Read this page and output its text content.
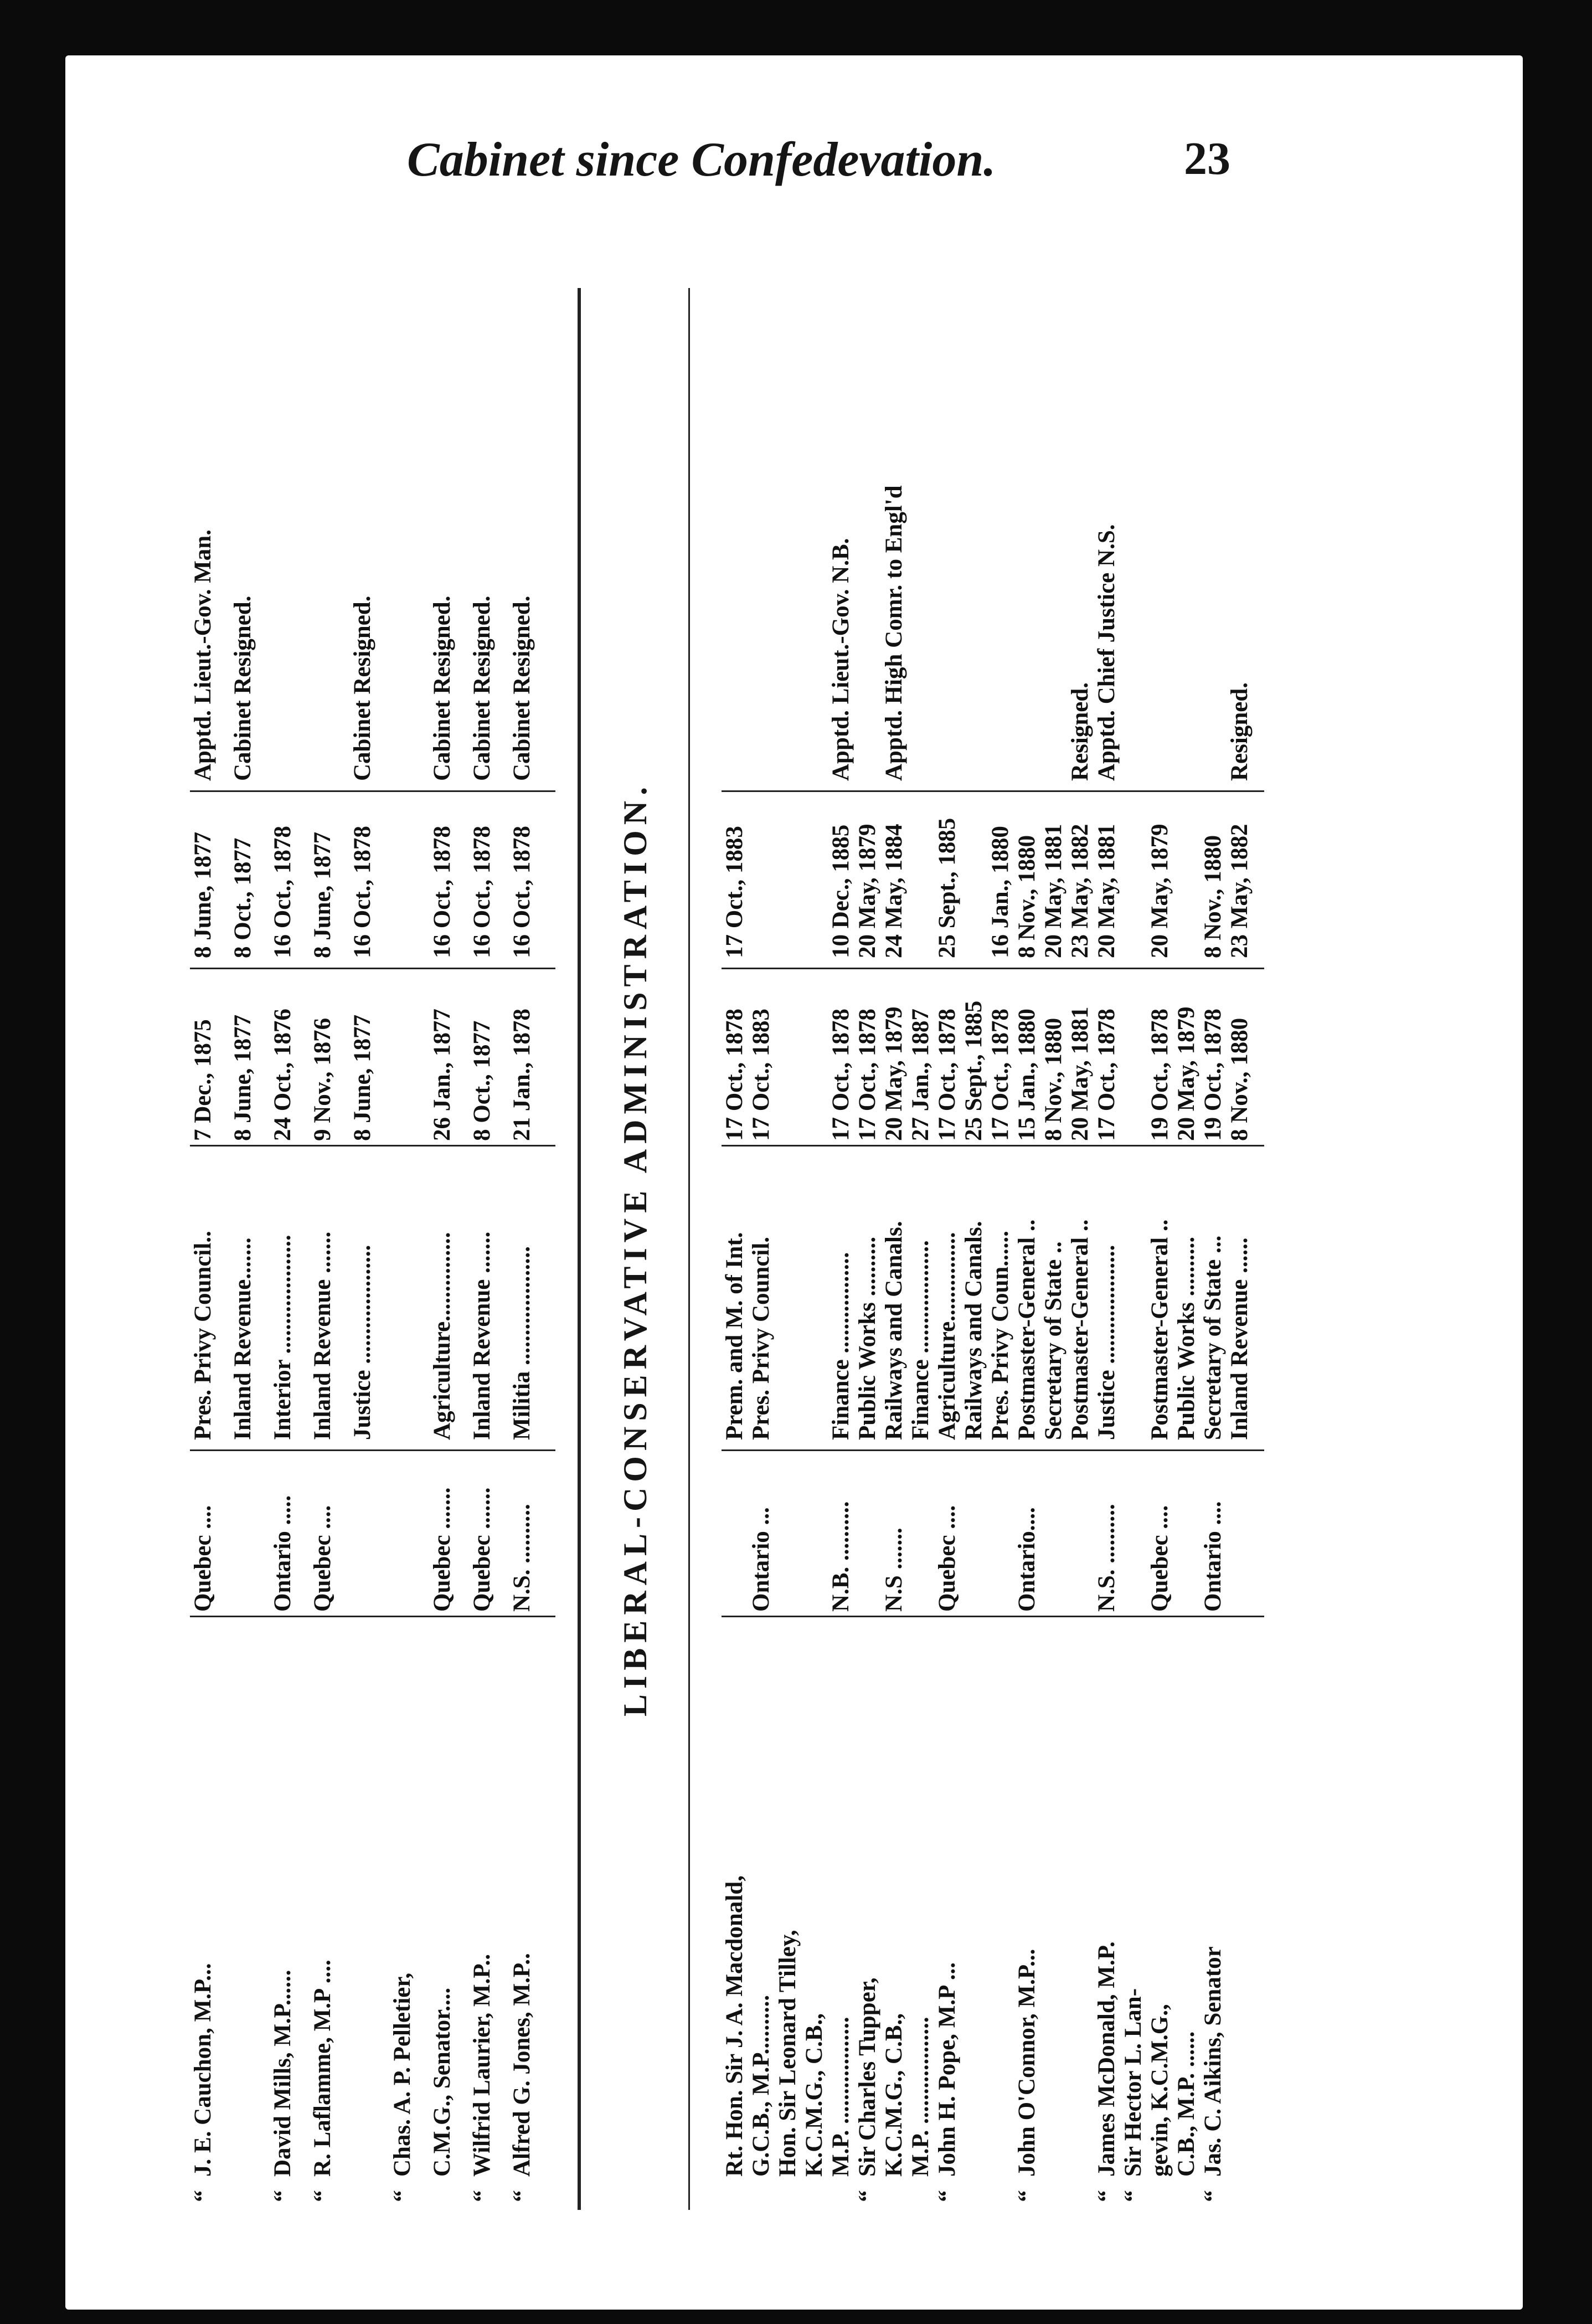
Cabinet since Confedevation.	23
“
J. E. Cauchon, M.P...
Quebec ....
Pres. Privy Council..
7 Dec., 1875
8 June, 1877
Apptd. Lieut.-Gov. Man.
Inland Revenue.......
8 June, 1877
8 Oct., 1877
Cabinet Resigned.
“
David Mills, M.P......
Ontario .....
Interior ....................
24 Oct., 1876
16 Oct., 1878
“
R. Laflamme, M.P ....
Quebec ....
Inland Revenue .......
9 Nov., 1876
8 June, 1877
Justice ....................
8 June, 1877
16 Oct., 1878
Cabinet Resigned.
“
Chas. A. P. Pelletier, C.M.G., Senator....
Quebec .......
Agriculture...............
26 Jan., 1877
16 Oct., 1878
Cabinet Resigned.
“
Wilfrid Laurier, M.P..
Quebec .......
Inland Revenue .......
8 Oct., 1877
16 Oct., 1878
Cabinet Resigned.
“
Alfred G. Jones, M.P..
N.S. ..........
Militia ....................
21 Jan., 1878
16 Oct., 1878
Cabinet Resigned.
LIBERAL-CONSERVATIVE ADMINISTRATION.
Rt. Hon. Sir J. A. Macdonald,
Prem. and M. of Int.
17 Oct., 1878
17 Oct., 1883
G.C.B., M.P..........
Ontario ...
Pres. Privy Council.
17 Oct., 1883
Hon. Sir Leonard Tilley, K.C.M.G., C.B., M.P. ..................
N.B. ..........
Finance .................
17 Oct., 1878
10 Dec., 1885
Apptd. Lieut.-Gov. N.B.
“
Sir Charles Tupper,
Public Works ..........
17 Oct., 1878
20 May, 1879
K.C.M.G., C.B.,
N.S .......
Railways and Canals.
20 May, 1879
24 May, 1884
Apptd. High Comr. to Engl'd
M.P. ..................
Finance ...................
27 Jan., 1887
“
John H. Pope, M.P ...
Quebec ....
Agriculture...............
17 Oct., 1878
25 Sept., 1885
Railways and Canals.
25 Sept., 1885
Pres. Privy Coun......
17 Oct., 1878
16 Jan., 1880
“
John O'Connor, M.P...
Ontario....
Postmaster-General ..
15 Jan., 1880
8 Nov., 1880
Secretary of State ..
8 Nov., 1880
20 May, 1881
Postmaster-General ..
20 May, 1881
23 May, 1882
Resigned.
“
James McDonald, M.P.
N.S. ..........
Justice ....................
17 Oct., 1878
20 May, 1881
Apptd. Chief Justice N.S.
“
Sir Hector L. Lan- gevin, K.C.M.G.,
Quebec ....
Postmaster-General ..
19 Oct., 1878
20 May, 1879
C.B., M.P. ......
Public Works ..........
20 May, 1879
“
Jas. C. Aikins, Senator
Ontario ....
Secretary of State ...
19 Oct., 1878
8 Nov., 1880
Inland Revenue ......
8 Nov., 1880
23 May, 1882
Resigned.
